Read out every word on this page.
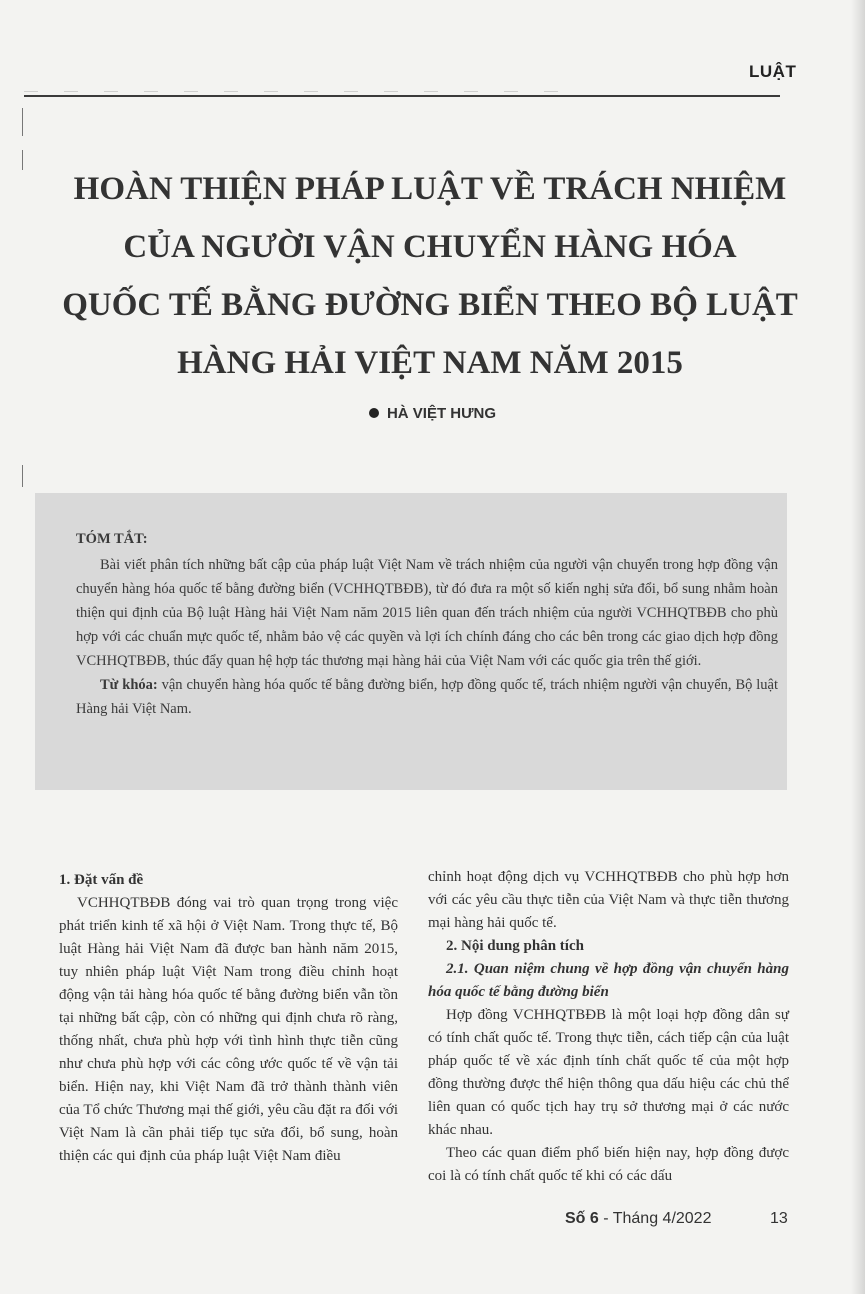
LUẬT
HOÀN THIỆN PHÁP LUẬT VỀ TRÁCH NHIỆM
CỦA NGƯỜI VẬN CHUYỂN HÀNG HÓA
QUỐC TẾ BẰNG ĐƯỜNG BIỂN THEO BỘ LUẬT
HÀNG HẢI VIỆT NAM NĂM 2015
HÀ VIỆT HƯNG
TÓM TẮT:

Bài viết phân tích những bất cập của pháp luật Việt Nam về trách nhiệm của người vận chuyển trong hợp đồng vận chuyển hàng hóa quốc tế bằng đường biển (VCHHQTBĐB), từ đó đưa ra một số kiến nghị sửa đổi, bổ sung nhằm hoàn thiện qui định của Bộ luật Hàng hải Việt Nam năm 2015 liên quan đến trách nhiệm của người VCHHQTBĐB cho phù hợp với các chuẩn mực quốc tế, nhằm bảo vệ các quyền và lợi ích chính đáng cho các bên trong các giao dịch hợp đồng VCHHQTBĐB, thúc đẩy quan hệ hợp tác thương mại hàng hải của Việt Nam với các quốc gia trên thế giới.

Từ khóa: vận chuyển hàng hóa quốc tế bằng đường biển, hợp đồng quốc tế, trách nhiệm người vận chuyển, Bộ luật Hàng hải Việt Nam.

1. Đặt vấn đề

VCHHQTBĐB đóng vai trò quan trọng trong việc phát triển kinh tế xã hội ở Việt Nam. Trong thực tế, Bộ luật Hàng hải Việt Nam đã được ban hành năm 2015, tuy nhiên pháp luật Việt Nam trong điều chỉnh hoạt động vận tải hàng hóa quốc tế bằng đường biển vẫn tồn tại những bất cập, còn có những qui định chưa rõ ràng, thống nhất, chưa phù hợp với tình hình thực tiễn cũng như chưa phù hợp với các công ước quốc tế về vận tải biển. Hiện nay, khi Việt Nam đã trở thành thành viên của Tổ chức Thương mại thế giới, yêu cầu đặt ra đối với Việt Nam là cần phải tiếp tục sửa đổi, bổ sung, hoàn thiện các qui định của pháp luật Việt Nam điều

chỉnh hoạt động dịch vụ VCHHQTBĐB cho phù hợp hơn với các yêu cầu thực tiễn của Việt Nam và thực tiễn thương mại hàng hải quốc tế.

2. Nội dung phân tích

2.1. Quan niệm chung về hợp đồng vận chuyển hàng hóa quốc tế bằng đường biển

Hợp đồng VCHHQTBĐB là một loại hợp đồng dân sự có tính chất quốc tế. Trong thực tiễn, cách tiếp cận của luật pháp quốc tế về xác định tính chất quốc tế của một hợp đồng thường được thể hiện thông qua dấu hiệu các chủ thể liên quan có quốc tịch hay trụ sở thương mại ở các nước khác nhau.

Theo các quan điểm phổ biến hiện nay, hợp đồng được coi là có tính chất quốc tế khi có các dấu

Số 6 - Tháng 4/2022	13
